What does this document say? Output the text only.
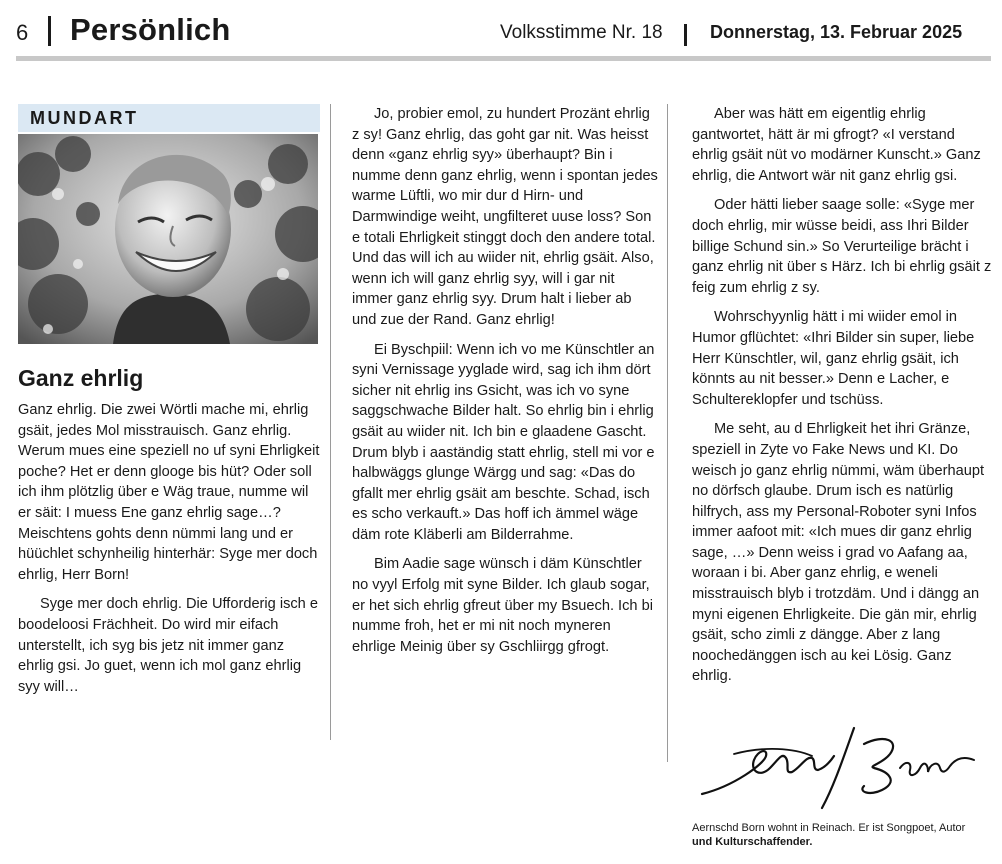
6 Persönlich	Volksstimme Nr. 18	Donnerstag, 13. Februar 2025
MUNDART
Ganz ehrlig

Ganz ehrlig. Die zwei Wörtli mache mi, ehrlig gsäit, jedes Mol misstrauisch. Ganz ehrlig. Werum mues eine speziell no uf syni Ehrligkeit poche? Het er denn glooge bis hüt? Oder soll ich ihm plötzlig über e Wäg traue, numme wil er säit: I muess Ene ganz ehrlig sage…? Meischtens gohts denn nümmi lang und er hüüchlet schynheilig hinterhär: Syge mer doch ehrlig, Herr Born!

Syge mer doch ehrlig. Die Ufforderig isch e boodeloosi Frächheit. Do wird mir eifach unterstellt, ich syg bis jetz nit immer ganz ehrlig gsi. Jo guet, wenn ich mol ganz ehrlig syy will…

Jo, probier emol, zu hundert Prozänt ehrlig z sy! Ganz ehrlig, das goht gar nit. Was heisst denn «ganz ehrlig syy» überhaupt? Bin i numme denn ganz ehrlig, wenn i spontan jedes warme Lüftli, wo mir dur d Hirn- und Darmwindige weiht, ungfilteret uuse loss? Son e totali Ehrligkeit stinggt doch den andere total. Und das will ich au wiider nit, ehrlig gsäit. Also, wenn ich will ganz ehrlig syy, will i gar nit immer ganz ehrlig syy. Drum halt i lieber ab und zue der Rand. Ganz ehrlig!

Ei Byschpiil: Wenn ich vo me Künschtler an syni Vernissage yyglade wird, sag ich ihm dört sicher nit ehrlig ins Gsicht, was ich vo syne saggschwache Bilder halt. So ehrlig bin i ehrlig gsäit au wiider nit. Ich bin e glaadene Gascht. Drum blyb i aaständig statt ehrlig, stell mi vor e halbwäggs glunge Wärgg und sag: «Das do gfallt mer ehrlig gsäit am beschte. Schad, isch es scho verkauft.» Das hoff ich ämmel wäge däm rote Kläberli am Bilderrahme.

Bim Aadie sage wünsch i däm Künschtler no vyyl Erfolg mit syne Bilder. Ich glaub sogar, er het sich ehrlig gfreut über my Bsuech. Ich bi numme froh, het er mi nit noch myneren ehrlige Meinig über sy Gschliirgg gfrogt.

Aber was hätt em eigentlig ehrlig gantwortet, hätt är mi gfrogt? «I verstand ehrlig gsäit nüt vo modärner Kunscht.» Ganz ehrlig, die Antwort wär nit ganz ehrlig gsi.

Oder hätti lieber saage solle: «Syge mer doch ehrlig, mir wüsse beidi, ass Ihri Bilder billige Schund sin.» So Verurteilige brächt i ganz ehrlig nit über s Härz. Ich bi ehrlig gsäit z feig zum ehrlig z sy.

Wohrschyynlig hätt i mi wiider emol in Humor gflüchtet: «Ihri Bilder sin super, liebe Herr Künschtler, wil, ganz ehrlig gsäit, ich könnts au nit besser.» Denn e Lacher, e Schultereklopfer und tschüss.

Me seht, au d Ehrligkeit het ihri Gränze, speziell in Zyte vo Fake News und KI. Do weisch jo ganz ehrlig nümmi, wäm überhaupt no dörfsch glaube. Drum isch es natürlig hilfrych, ass my Personal-Roboter syni Infos immer aafoot mit: «Ich mues dir ganz ehrlig sage, …» Denn weiss i grad vo Aafang aa, woraan i bi. Aber ganz ehrlig, e weneli misstrauisch blyb i trotzdäm. Und i dängg an myni eigenen Ehrligkeite. Die gän mir, ehrlig gsäit, scho zimli z dängge. Aber z lang noochedänggen isch au kei Lösig. Ganz ehrlig.

Aernschd Born wohnt in Reinach. Er ist Songpoet, Autor
und Kulturschaffender.
